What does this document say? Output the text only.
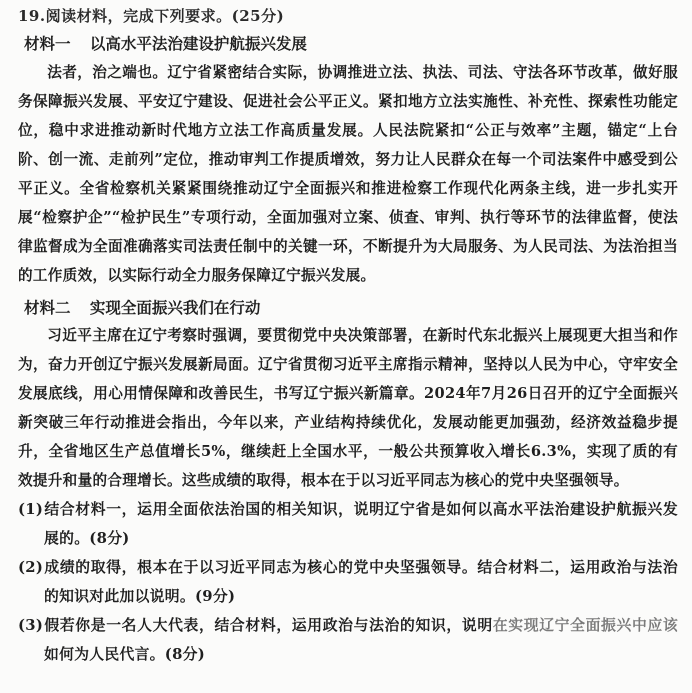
19.阅读材料，完成下列要求。(25分)
材料一 以高水平法治建设护航振兴发展

法者，治之端也。辽宁省紧密结合实际，协调推进立法、执法、司法、守法各环节改革，做好服务保障振兴发展、平安辽宁建设、促进社会公平正义。紧扣地方立法实施性、补充性、探索性功能定位，稳中求进推动新时代地方立法工作高质量发展。人民法院紧扣“公正与效率”主题，锚定“上台阶、创一流、走前列”定位，推动审判工作提质增效，努力让人民群众在每一个司法案件中感受到公平正义。全省检察机关紧紧围绕推动辽宁全面振兴和推进检察工作现代化两条主线，进一步扎实开展“检察护企”“检护民生”专项行动，全面加强对立案、侦查、审判、执行等环节的法律监督，使法律监督成为全面准确落实司法责任制中的关键一环，不断提升为大局服务、为人民司法、为法治担当的工作质效，以实际行动全力服务保障辽宁振兴发展。

材料二 实现全面振兴我们在行动

习近平主席在辽宁考察时强调，要贯彻党中央决策部署，在新时代东北振兴上展现更大担当和作为，奋力开创辽宁振兴发展新局面。辽宁省贯彻习近平主席指示精神，坚持以人民为中心，守牢安全发展底线，用心用情保障和改善民生，书写辽宁振兴新篇章。2024年7月26日召开的辽宁全面振兴新突破三年行动推进会指出，今年以来，产业结构持续优化，发展动能更加强劲，经济效益稳步提升，全省地区生产总值增长5%，继续赶上全国水平，一般公共预算收入增长6.3%，实现了质的有效提升和量的合理增长。这些成绩的取得，根本在于以习近平同志为核心的党中央坚强领导。

(1)结合材料一，运用全面依法治国的相关知识，说明辽宁省是如何以高水平法治建设护航振兴发展的。(8分)
(2)成绩的取得，根本在于以习近平同志为核心的党中央坚强领导。结合材料二，运用政治与法治的知识对此加以说明。(9分)
(3)假若你是一名人大代表，结合材料，运用政治与法治的知识，说明在实现辽宁全面振兴中应该如何为人民代言。(8分)
